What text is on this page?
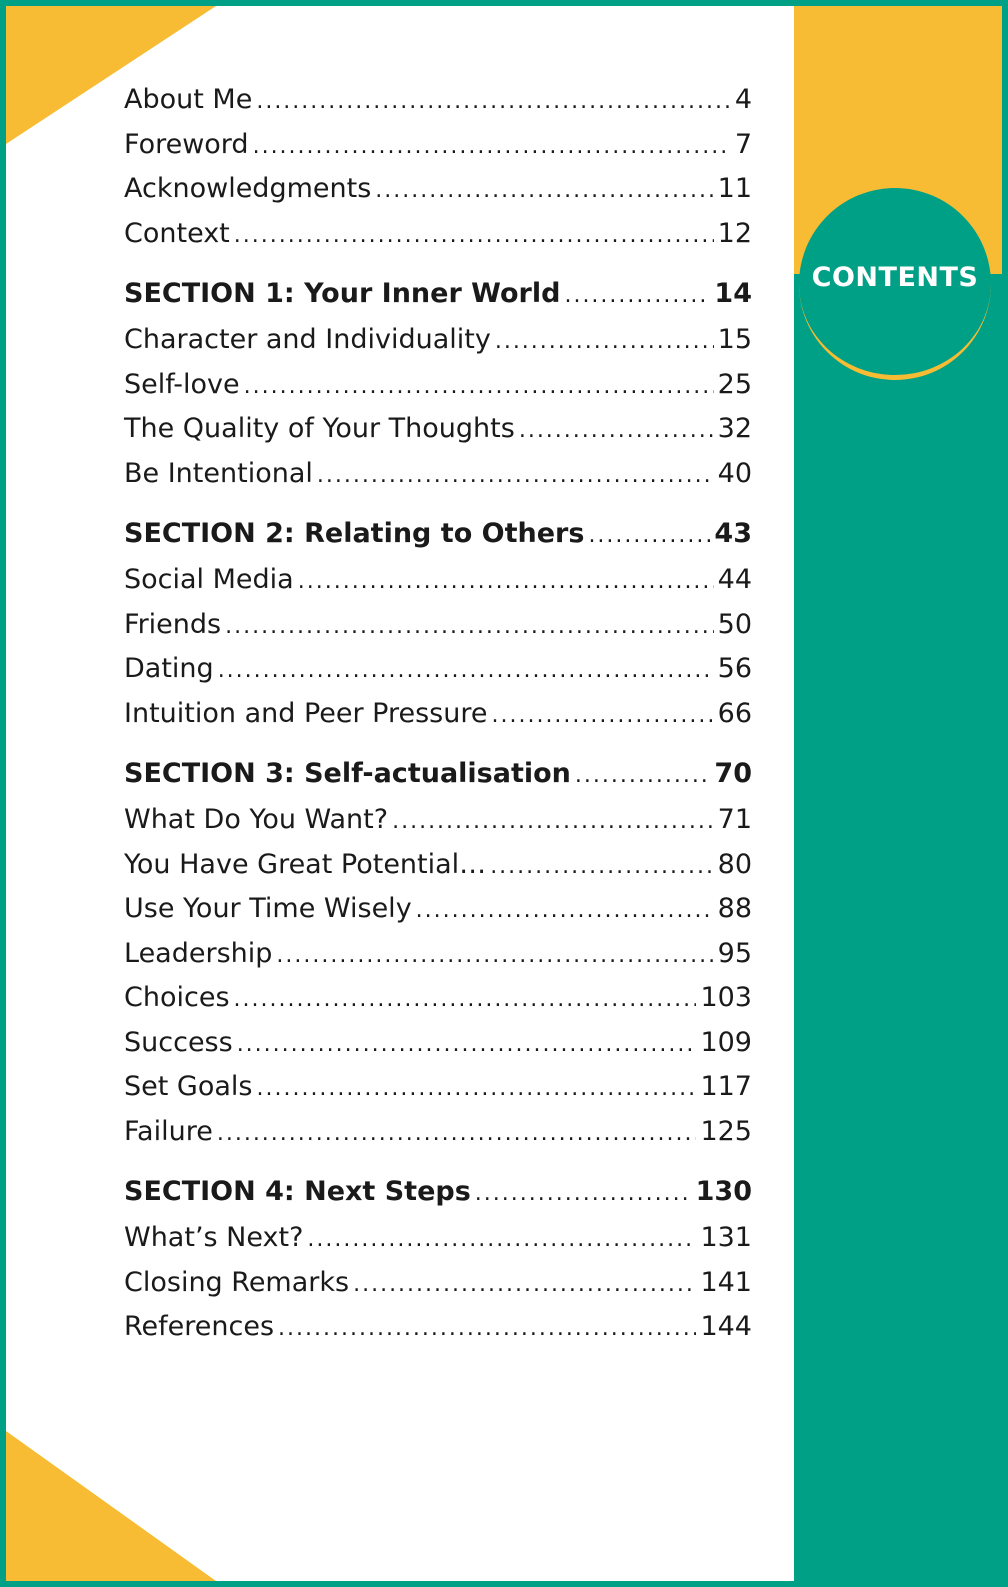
CONTENTS
About Me .....	4
Foreword .....	7
Acknowledgments .....	11
Context .....	12
SECTION 1: Your Inner World .....	14
Character and Individuality .....	15
Self-love .....	25
The Quality of Your Thoughts .....	32
Be Intentional .....	40
SECTION 2: Relating to Others .....	43
Social Media .....	44
Friends .....	50
Dating .....	56
Intuition and Peer Pressure .....	66
SECTION 3: Self-actualisation .....	70
What Do You Want? .....	71
You Have Great Potential… .....	80
Use Your Time Wisely .....	88
Leadership .....	95
Choices .....	103
Success .....	109
Set Goals .....	117
Failure .....	125
SECTION 4: Next Steps .....	130
What’s Next? .....	131
Closing Remarks .....	141
References .....	144
